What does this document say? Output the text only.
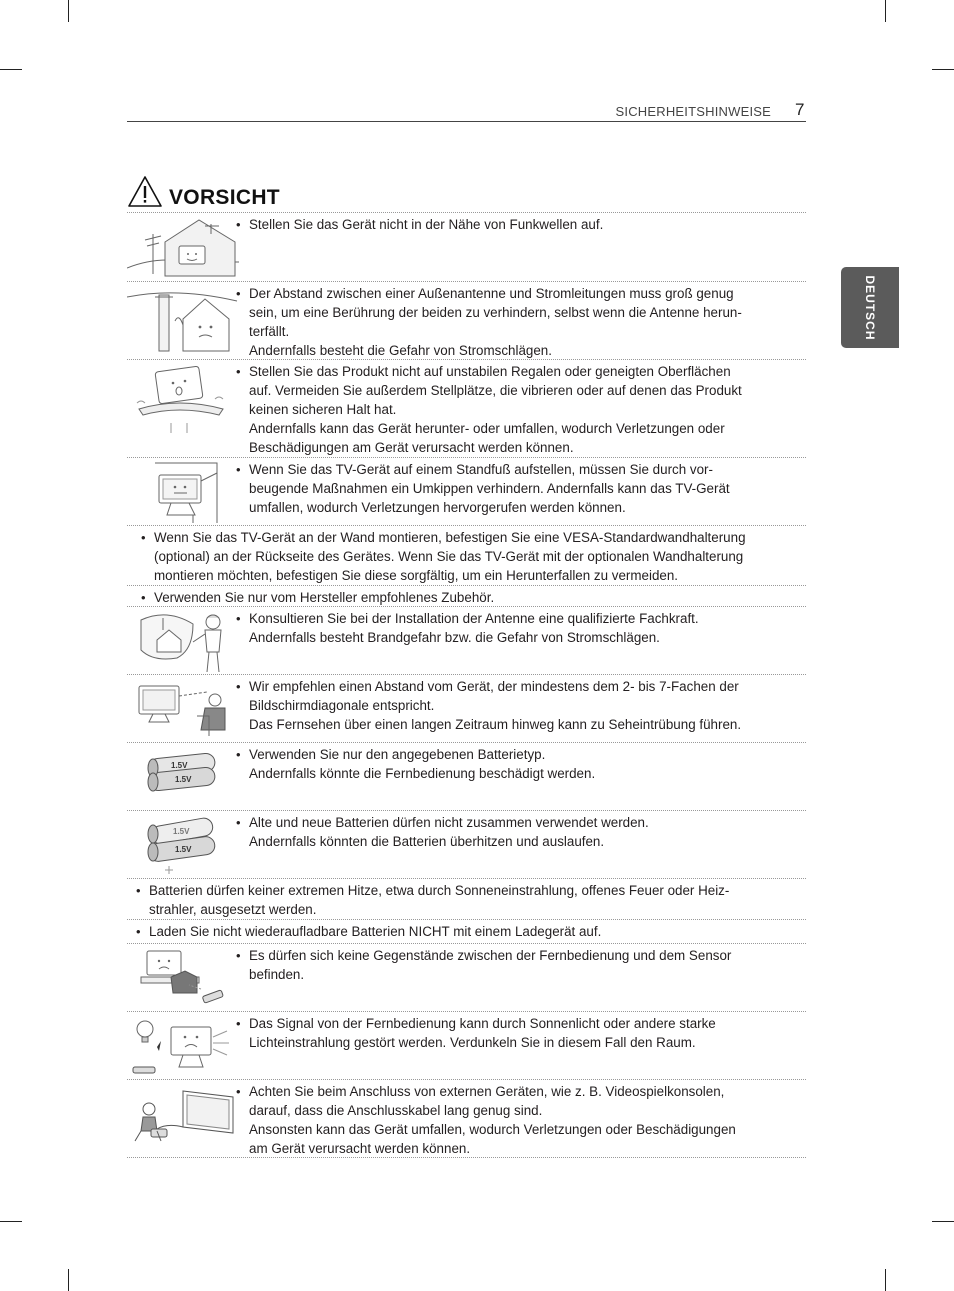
SICHERHEITSHINWEISE 7
DEUTSCH
VORSICHT
• Stellen Sie das Gerät nicht in der Nähe von Funkwellen auf.

• Der Abstand zwischen einer Außenantenne und Stromleitungen muss groß genug

sein, um eine Berührung der beiden zu verhindern, selbst wenn die Antenne herun-

terfällt.

Andernfalls besteht die Gefahr von Stromschlägen.

• Stellen Sie das Produkt nicht auf unstabilen Regalen oder geneigten Oberflächen

auf. Vermeiden Sie außerdem Stellplätze, die vibrieren oder auf denen das Produkt

keinen sicheren Halt hat.

Andernfalls kann das Gerät herunter- oder umfallen, wodurch Verletzungen oder

Beschädigungen am Gerät verursacht werden können.

• Wenn Sie das TV-Gerät auf einem Standfuß aufstellen, müssen Sie durch vor-

beugende Maßnahmen ein Umkippen verhindern. Andernfalls kann das TV-Gerät

umfallen, wodurch Verletzungen hervorgerufen werden können.

• Wenn Sie das TV-Gerät an der Wand montieren, befestigen Sie eine VESA-Standardwandhalterung

(optional) an der Rückseite des Gerätes. Wenn Sie das TV-Gerät mit der optionalen Wandhalterung

montieren möchten, befestigen Sie diese sorgfältig, um ein Herunterfallen zu vermeiden.

• Verwenden Sie nur vom Hersteller empfohlenes Zubehör.

• Konsultieren Sie bei der Installation der Antenne eine qualifizierte Fachkraft.

Andernfalls besteht Brandgefahr bzw. die Gefahr von Stromschlägen.

• Wir empfehlen einen Abstand vom Gerät, der mindestens dem 2- bis 7-Fachen der

Bildschirmdiagonale entspricht.

Das Fernsehen über einen langen Zeitraum hinweg kann zu Seheintrübung führen.

1.5V
1.5V
• Verwenden Sie nur den angegebenen Batterietyp.

Andernfalls könnte die Fernbedienung beschädigt werden.

1.5V
1.5V
• Alte und neue Batterien dürfen nicht zusammen verwendet werden.

Andernfalls könnten die Batterien überhitzen und auslaufen.

• Batterien dürfen keiner extremen Hitze, etwa durch Sonneneinstrahlung, offenes Feuer oder Heiz-

strahler, ausgesetzt werden.

• Laden Sie nicht wiederaufladbare Batterien NICHT mit einem Ladegerät auf.

• Es dürfen sich keine Gegenstände zwischen der Fernbedienung und dem Sensor

befinden.

• Das Signal von der Fernbedienung kann durch Sonnenlicht oder andere starke

Lichteinstrahlung gestört werden. Verdunkeln Sie in diesem Fall den Raum.

• Achten Sie beim Anschluss von externen Geräten, wie z. B. Videospielkonsolen,

darauf, dass die Anschlusskabel lang genug sind.

Ansonsten kann das Gerät umfallen, wodurch Verletzungen oder Beschädigungen

am Gerät verursacht werden können.
